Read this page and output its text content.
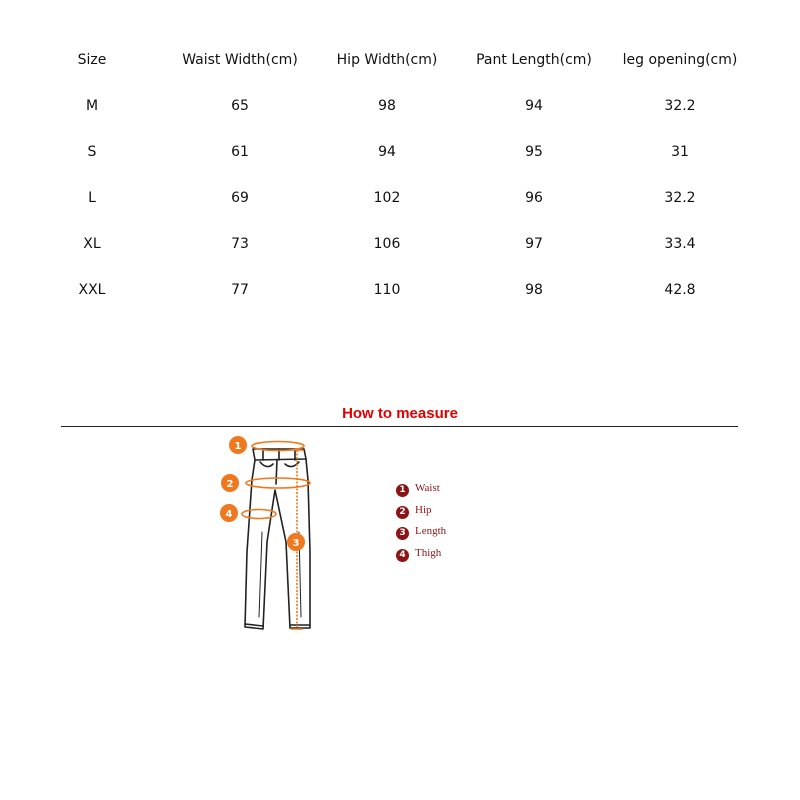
Size	Waist Width(cm)	Hip Width(cm)	Pant Length(cm)	leg opening(cm)
M	65	98	94	32.2
S	61	94	95	31
L	69	102	96	32.2
XL	73	106	97	33.4
XXL	77	110	98	42.8
How to measure
1
2
3
4
1 Waist
2 Hip
3 Length
4 Thigh
